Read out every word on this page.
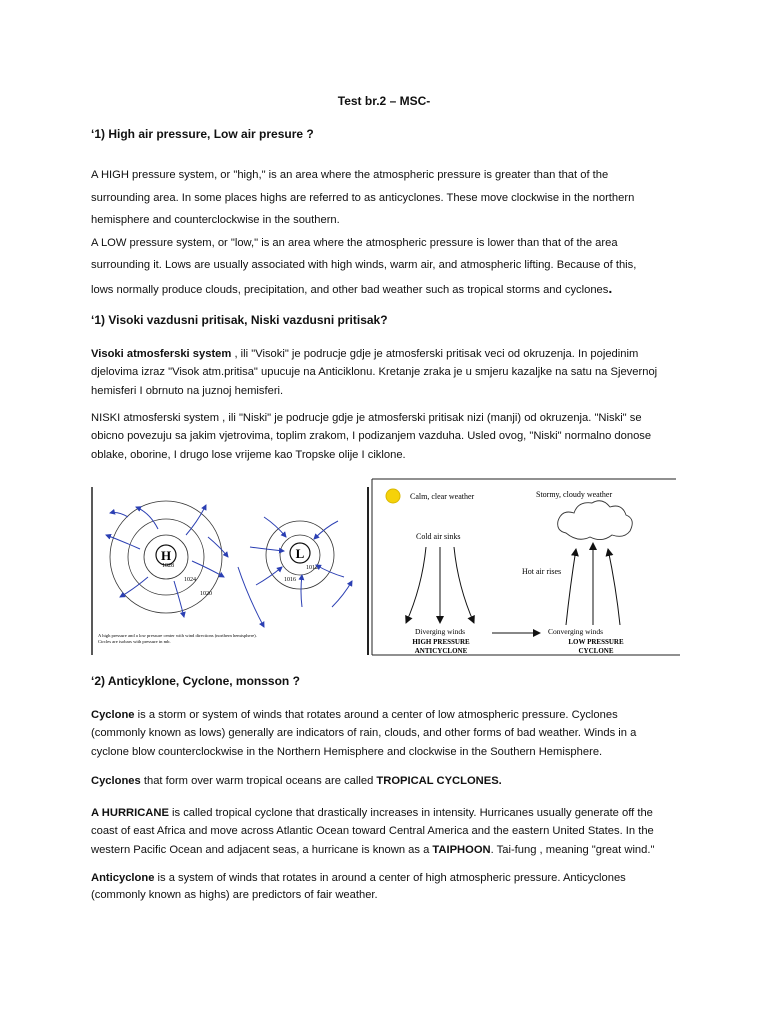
Test br.2 – MSC-
‘1) High air pressure, Low air presure ?
A HIGH pressure system, or "high," is an area where the atmospheric pressure is greater than that of the
surrounding area. In some places highs are referred to as anticyclones. These move clockwise in the northern
hemisphere and counterclockwise in the southern.
A LOW pressure system, or "low," is an area where the atmospheric pressure is lower than that of the area
surrounding it. Lows are usually associated with high winds, warm air, and atmospheric lifting. Because of this,
lows normally produce clouds, precipitation, and other bad weather such as tropical storms and cyclones.
‘1) Visoki vazdusni pritisak, Niski vazdusni pritisak?
Visoki atmosferski system , ili "Visoki" je podrucje gdje je atmosferski pritisak veci od okruzenja. In pojedinim
djelovima izraz "Visok atm.pritisa" upucuje na Anticiklonu. Kretanje zraka je u smjeru kazaljke na satu na Sjevernoj
hemisferi I obrnuto na juznoj hemisferi.
NISKI atmosferski system , ili "Niski" je podrucje gdje je atmosferski pritisak nizi (manji) od okruzenja. "Niski" se
obicno povezuju sa jakim vjetrovima, toplim zrakom, I podizanjem vazduha. Usled ovog, "Niski" normalno donose
oblake, oborine, I drugo lose vrijeme kao Tropske olije I ciklone.
H
1028
1024
1020
L
1012
1016
A high pressure and a low pressure center with wind directions (northern hemisphere).
Circles are isobars with pressure in mb.
Calm, clear weather	Stormy, cloudy weather
Cold air sinks
Hot air rises
Diverging winds	Converging winds
HIGH PRESSURE
ANTICYCLONE
LOW PRESSURE
CYCLONE
‘2) Anticyklone, Cyclone, monsson ?
Cyclone is a storm or system of winds that rotates around a center of low atmospheric pressure. Cyclones
(commonly known as lows) generally are indicators of rain, clouds, and other forms of bad weather. Winds in a
cyclone blow counterclockwise in the Northern Hemisphere and clockwise in the Southern Hemisphere.
Cyclones that form over warm tropical oceans are called TROPICAL CYCLONES.
A HURRICANE is called tropical cyclone that drastically increases in intensity. Hurricanes usually generate off the
coast of east Africa and move across Atlantic Ocean toward Central America and the eastern United States. In the
western Pacific Ocean and adjacent seas, a hurricane is known as a TAIPHOON. Tai-fung , meaning "great wind."
Anticyclone is a system of winds that rotates in around a center of high atmospheric pressure. Anticyclones
(commonly known as highs) are predictors of fair weather.
